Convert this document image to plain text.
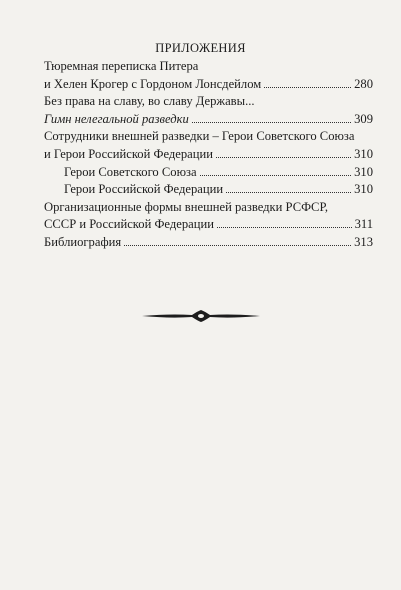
ПРИЛОЖЕНИЯ
Тюремная переписка Питера
и Хелен Крогер с Гордоном Лонсдейлом	280
Без права на славу, во славу Державы...
Гимн нелегальной разведки	309
Сотрудники внешней разведки – Герои Советского Союза
и Герои Российской Федерации	310
Герои Советского Союза	310
Герои Российской Федерации	310
Организационные формы внешней разведки РСФСР,
СССР и Российской Федерации	311
Библиография	313
